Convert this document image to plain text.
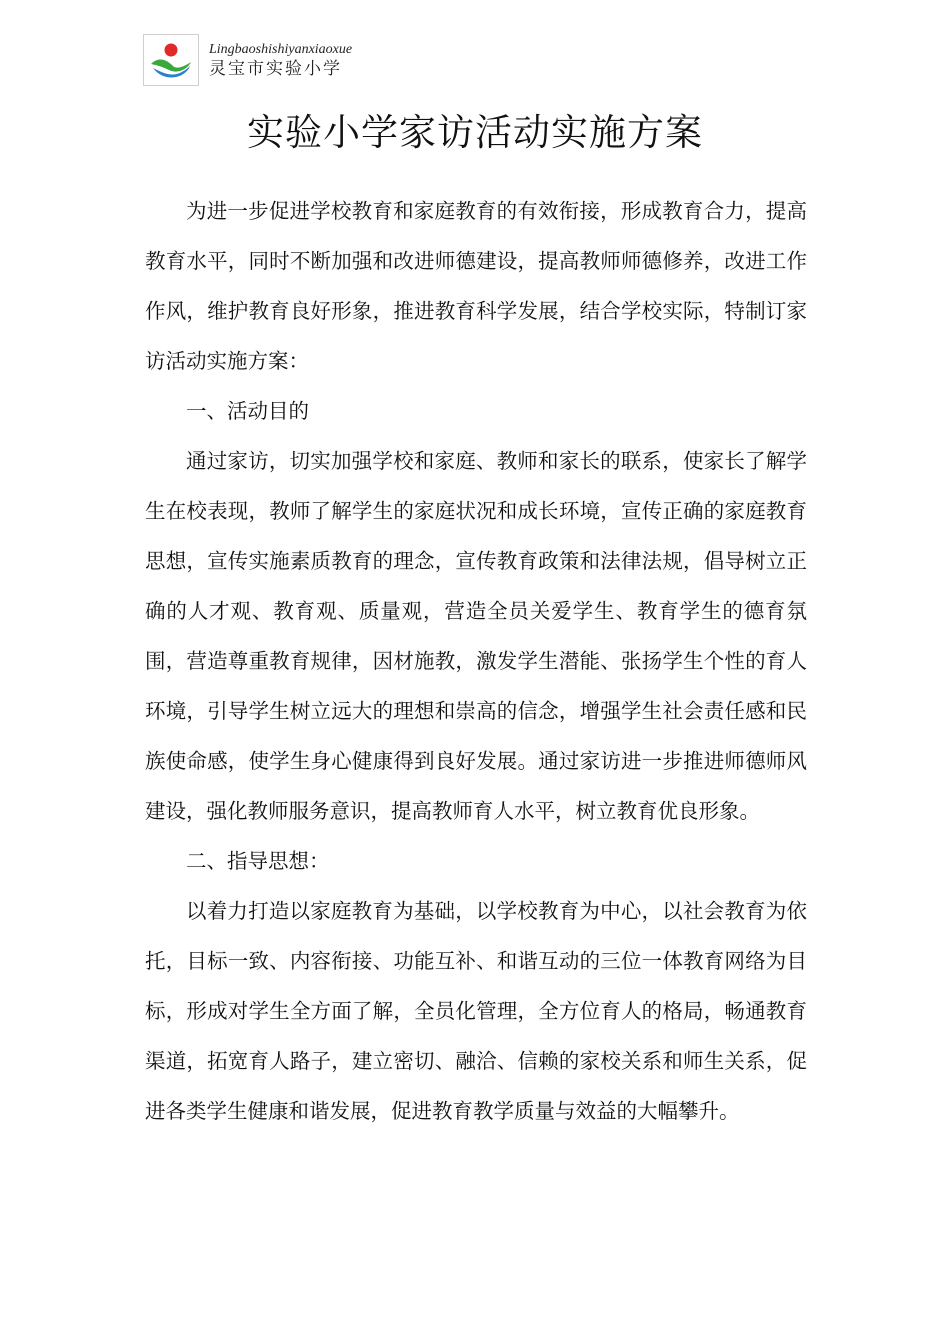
Lingbaoshishiyanxiaoxue
灵宝市实验小学
实验小学家访活动实施方案

为进一步促进学校教育和家庭教育的有效衔接，形成教育合力，提高教育水平，同时不断加强和改进师德建设，提高教师师德修养，改进工作作风，维护教育良好形象，推进教育科学发展，结合学校实际，特制订家访活动实施方案：

一、活动目的

通过家访，切实加强学校和家庭、教师和家长的联系，使家长了解学生在校表现，教师了解学生的家庭状况和成长环境，宣传正确的家庭教育思想，宣传实施素质教育的理念，宣传教育政策和法律法规，倡导树立正确的人才观、教育观、质量观，营造全员关爱学生、教育学生的德育氛围，营造尊重教育规律，因材施教，激发学生潜能、张扬学生个性的育人环境，引导学生树立远大的理想和崇高的信念，增强学生社会责任感和民族使命感，使学生身心健康得到良好发展。通过家访进一步推进师德师风建设，强化教师服务意识，提高教师育人水平，树立教育优良形象。

二、指导思想：

以着力打造以家庭教育为基础，以学校教育为中心，以社会教育为依托，目标一致、内容衔接、功能互补、和谐互动的三位一体教育网络为目标，形成对学生全方面了解，全员化管理，全方位育人的格局，畅通教育渠道，拓宽育人路子，建立密切、融洽、信赖的家校关系和师生关系，促进各类学生健康和谐发展，促进教育教学质量与效益的大幅攀升。
